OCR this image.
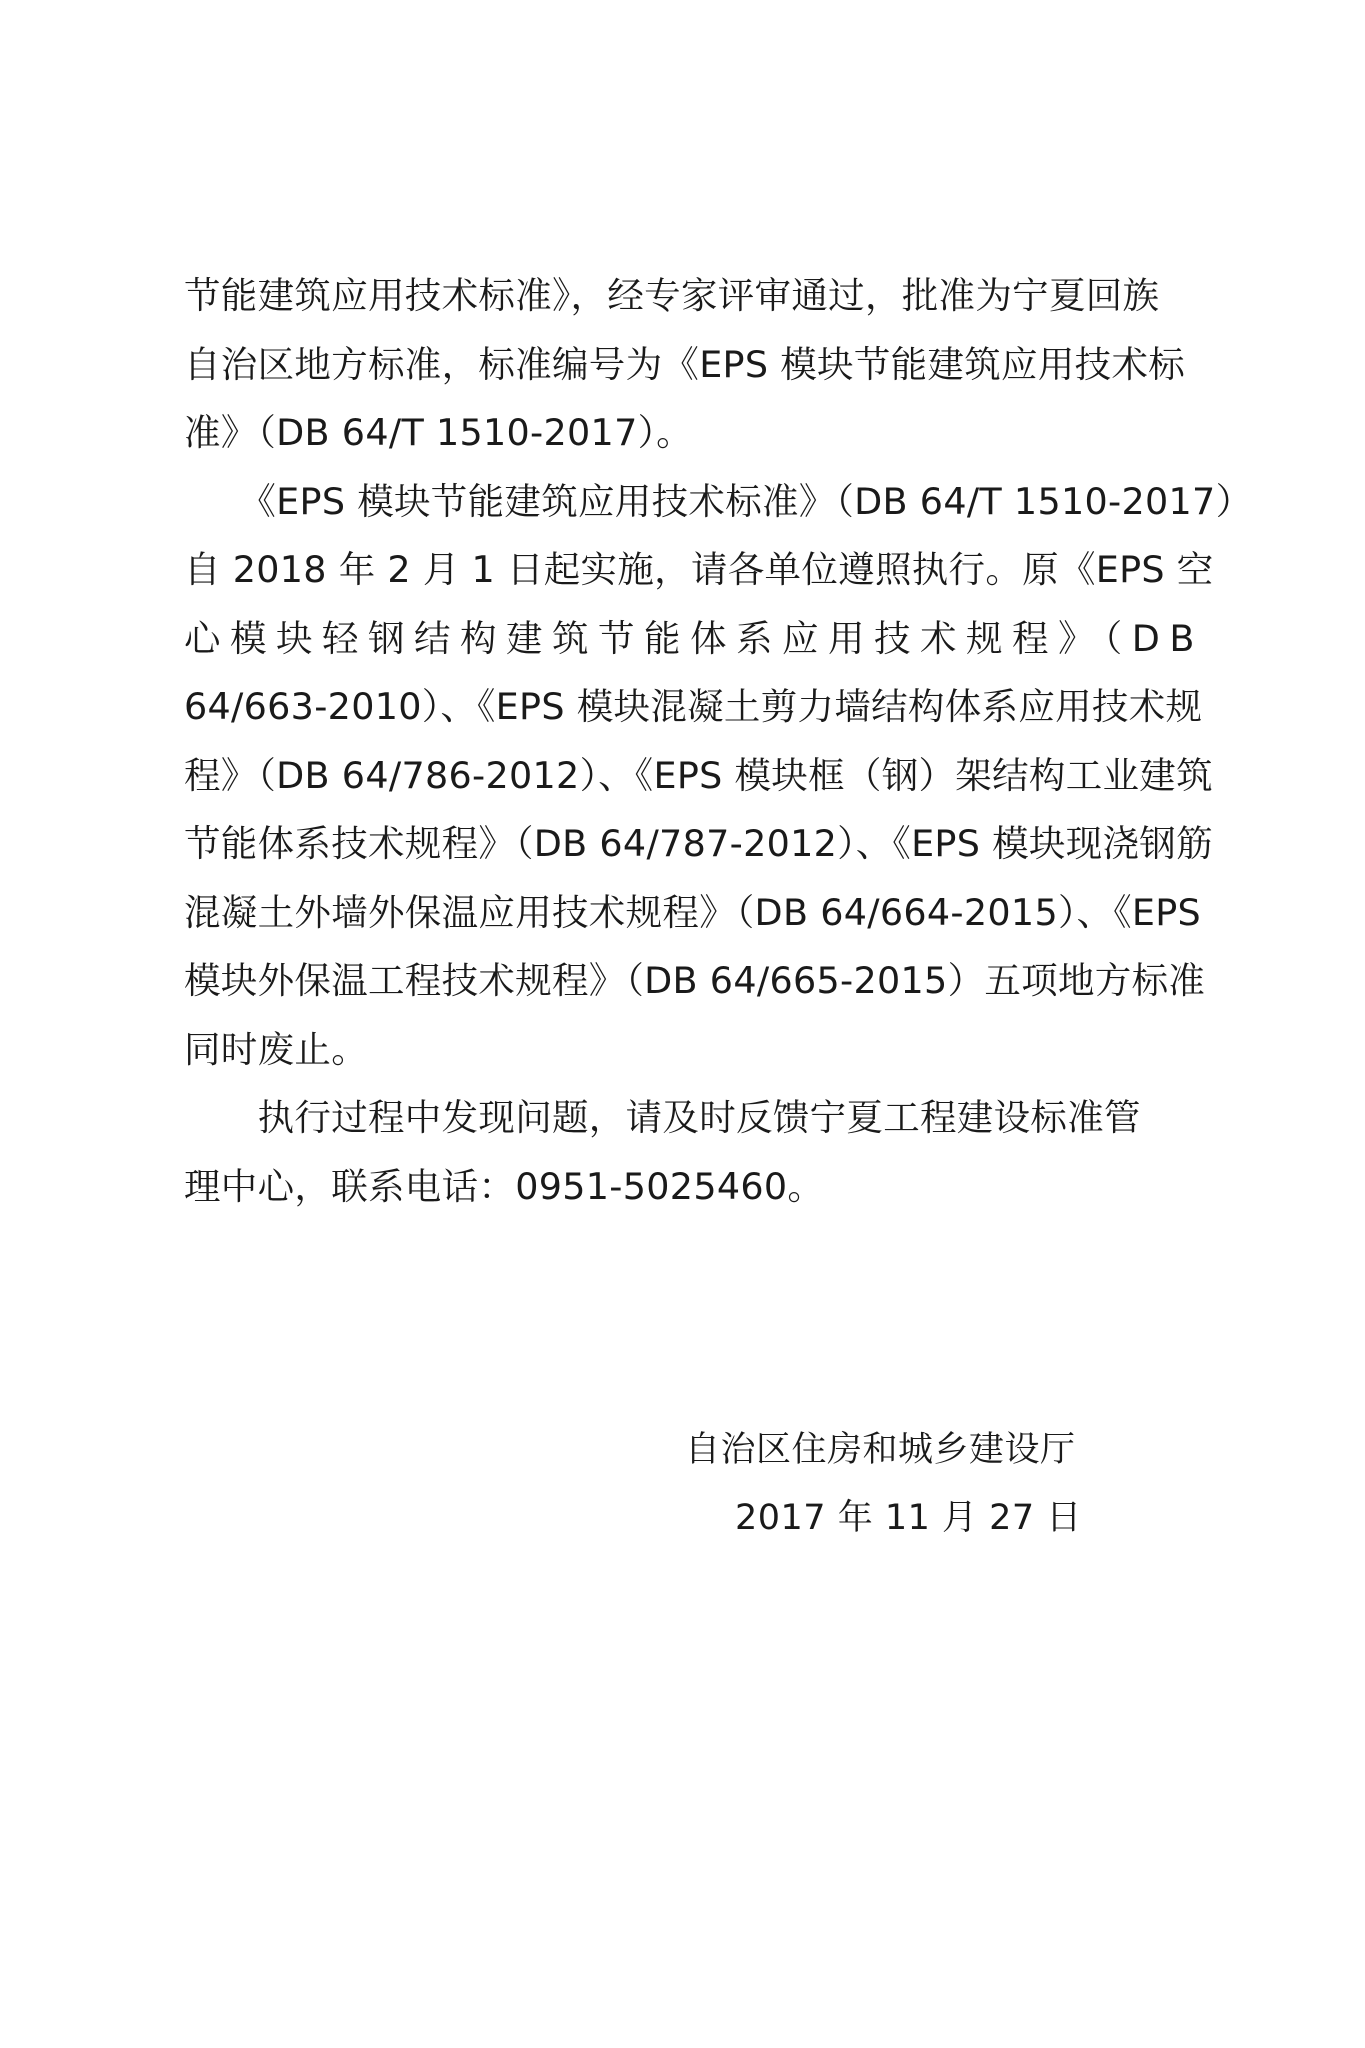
节能建筑应用技术标准》，经专家评审通过，批准为宁夏回族
自治区地方标准，标准编号为《EPS 模块节能建筑应用技术标
准》（DB 64/T 1510-2017）。
　　《EPS 模块节能建筑应用技术标准》（DB 64/T 1510-2017）
自 2018 年 2 月 1 日起实施，请各单位遵照执行。原《EPS 空
心模块轻钢结构建筑节能体系应用技术规程》（DB
64/663-2010）、《EPS 模块混凝土剪力墙结构体系应用技术规
程》（DB 64/786-2012）、《EPS 模块框（钢）架结构工业建筑
节能体系技术规程》（DB 64/787-2012）、《EPS 模块现浇钢筋
混凝土外墙外保温应用技术规程》（DB 64/664-2015）、《EPS
模块外保温工程技术规程》（DB 64/665-2015）五项地方标准
同时废止。
　　执行过程中发现问题，请及时反馈宁夏工程建设标准管
理中心，联系电话：0951-5025460。
自治区住房和城乡建设厅
2017 年 11 月 27 日
